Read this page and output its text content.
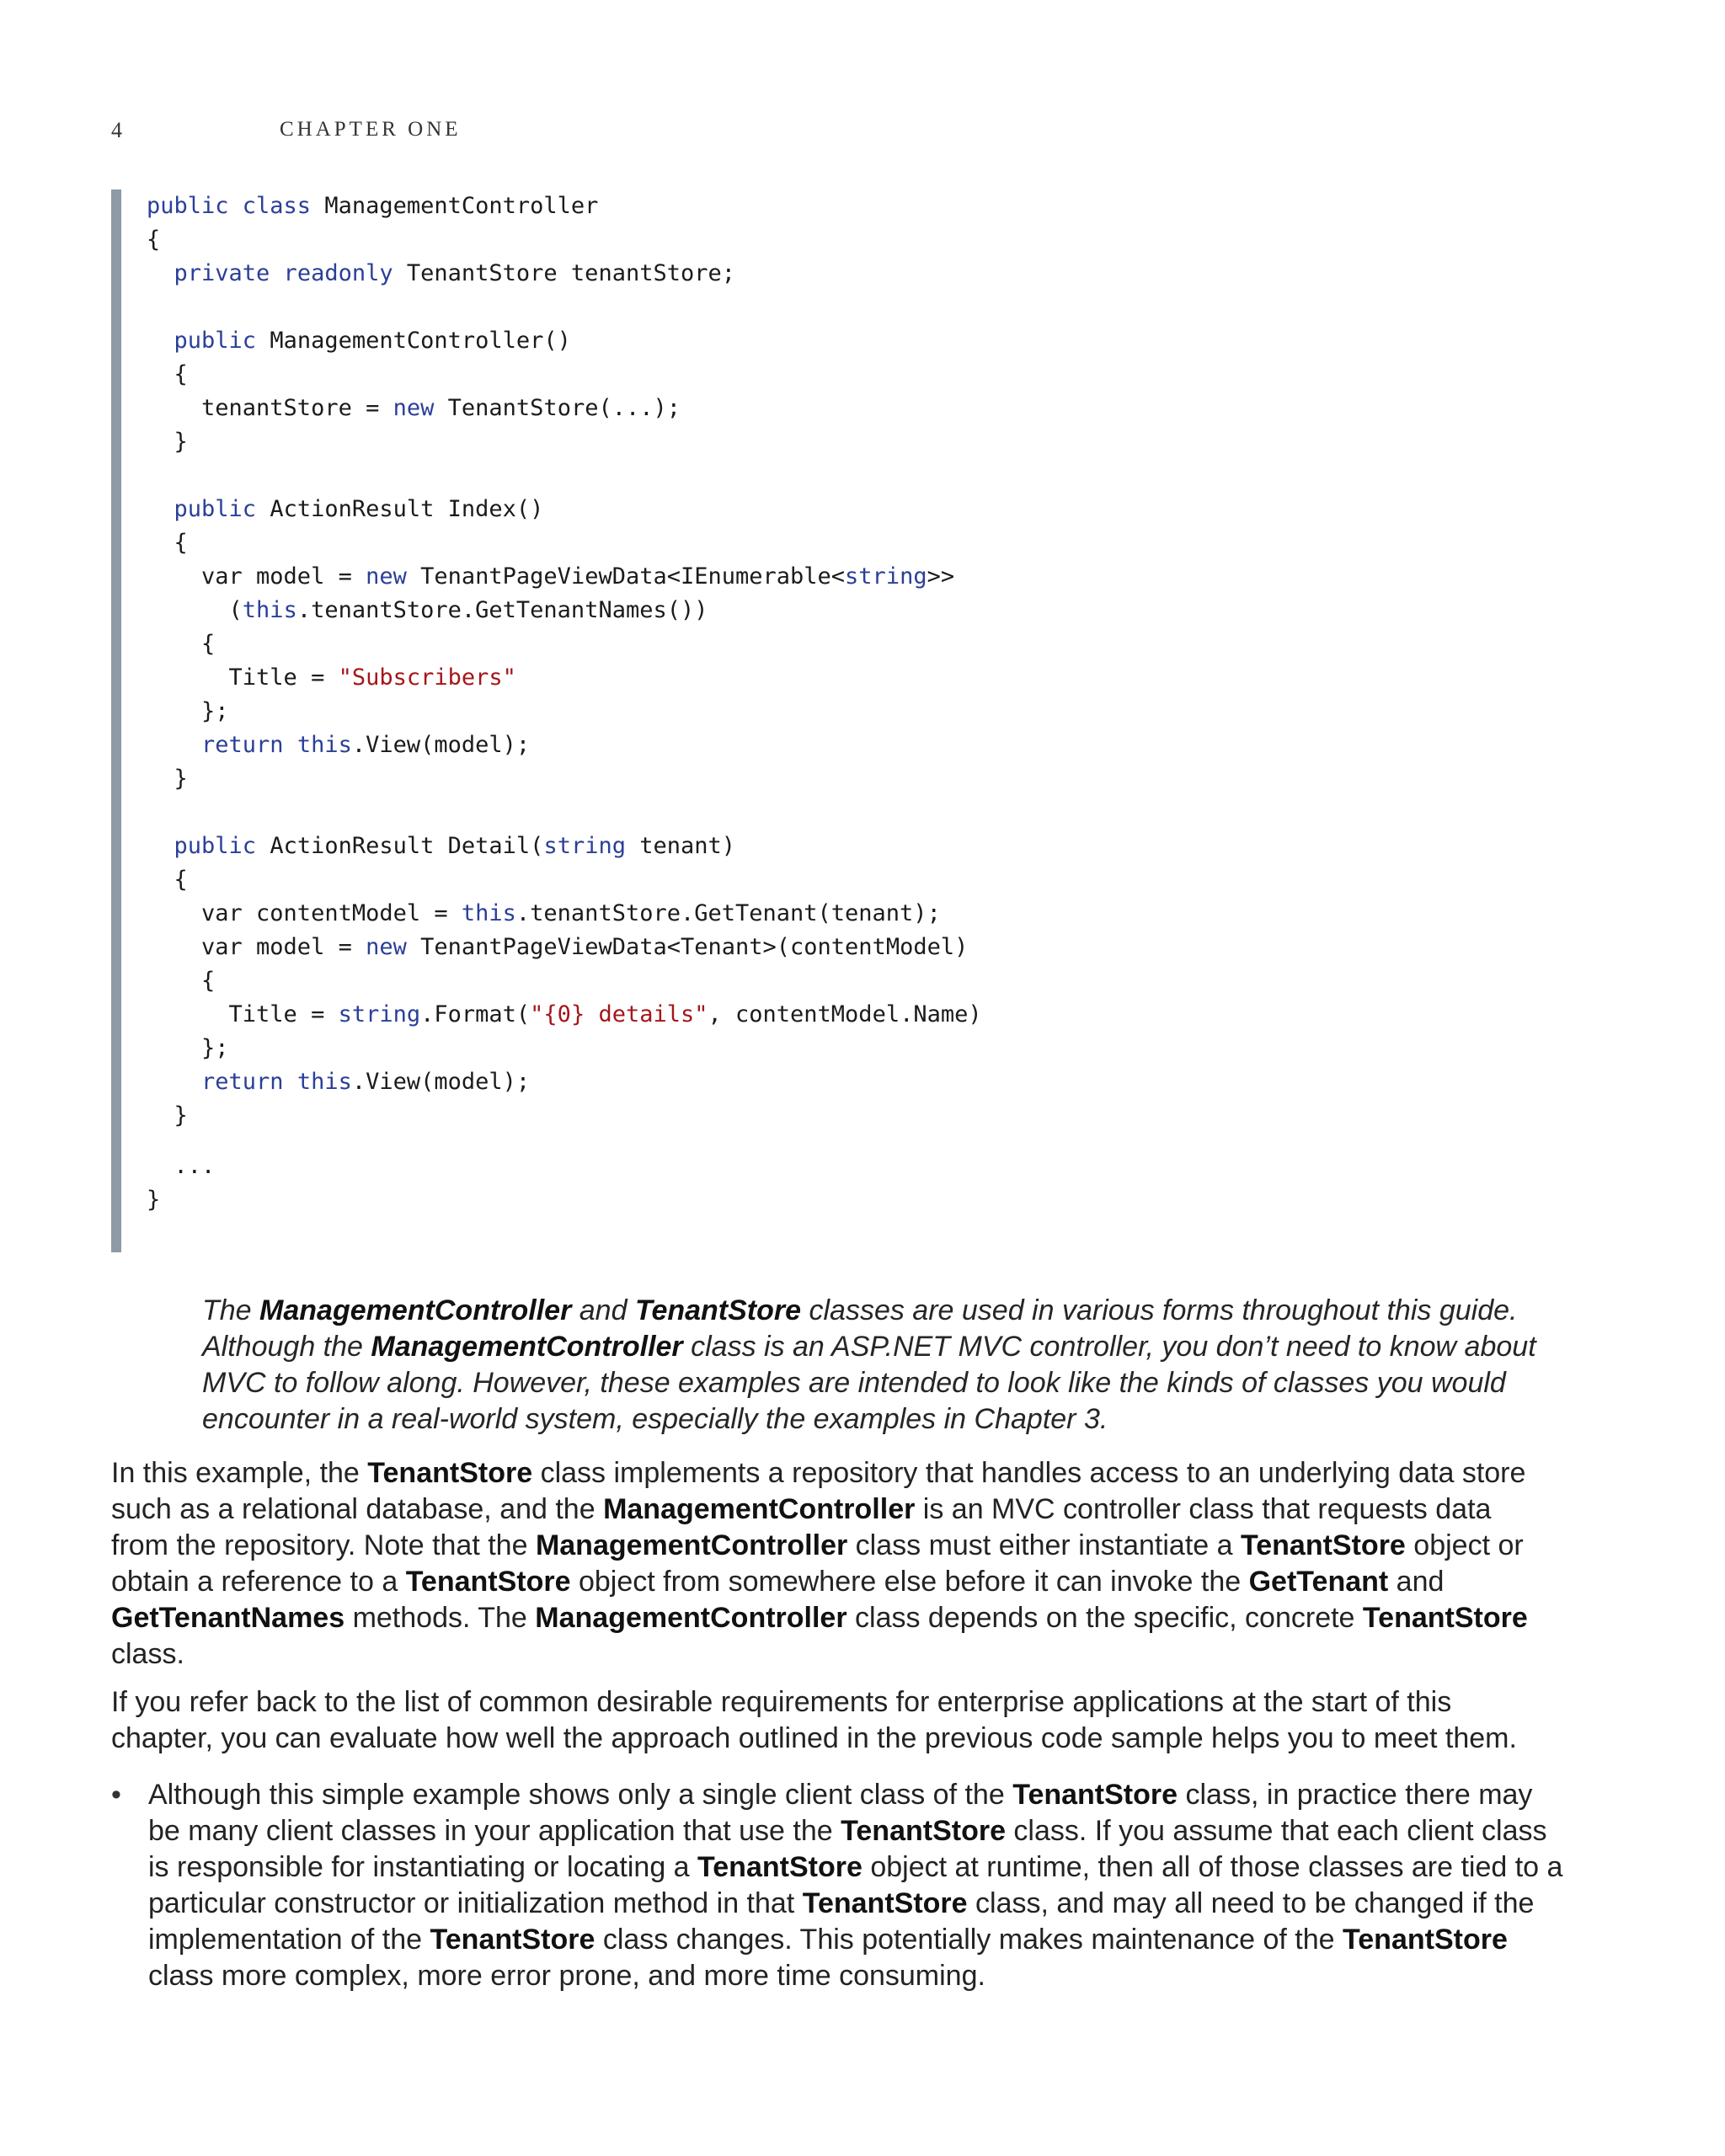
4	CHAPTER ONE
public class ManagementController
{
private readonly TenantStore tenantStore;
public ManagementController()
{
tenantStore = new TenantStore(...);
}
public ActionResult Index()
{
var model = new TenantPageViewData<IEnumerable<string>>
(this.tenantStore.GetTenantNames())
{
Title = "Subscribers"
};
return this.View(model);
}
public ActionResult Detail(string tenant)
{
var contentModel = this.tenantStore.GetTenant(tenant);
var model = new TenantPageViewData<Tenant>(contentModel)
{
Title = string.Format("{0} details", contentModel.Name)
};
return this.View(model);
}
...
}
The ManagementController and TenantStore classes are used in various forms throughout this guide. Although the ManagementController class is an ASP.NET MVC controller, you don’t need to know about MVC to follow along. However, these examples are intended to look like the kinds of classes you would encounter in a real-world system, especially the examples in Chapter 3.

In this example, the TenantStore class implements a repository that handles access to an underlying data store such as a relational database, and the ManagementController is an MVC controller class that requests data from the repository. Note that the ManagementController class must either instantiate a TenantStore object or obtain a reference to a TenantStore object from somewhere else before it can invoke the GetTenant and GetTenantNames methods. The ManagementController class depends on the specific, concrete TenantStore class.

If you refer back to the list of common desirable requirements for enterprise applications at the start of this chapter, you can evaluate how well the approach outlined in the previous code sample helps you to meet them.

• Although this simple example shows only a single client class of the TenantStore class, in practice there may be many client classes in your application that use the TenantStore class. If you assume that each client class is responsible for instantiating or locating a TenantStore object at runtime, then all of those classes are tied to a particular constructor or initialization method in that TenantStore class, and may all need to be changed if the implementation of the TenantStore class changes. This potentially makes maintenance of the TenantStore class more complex, more error prone, and more time consuming.
